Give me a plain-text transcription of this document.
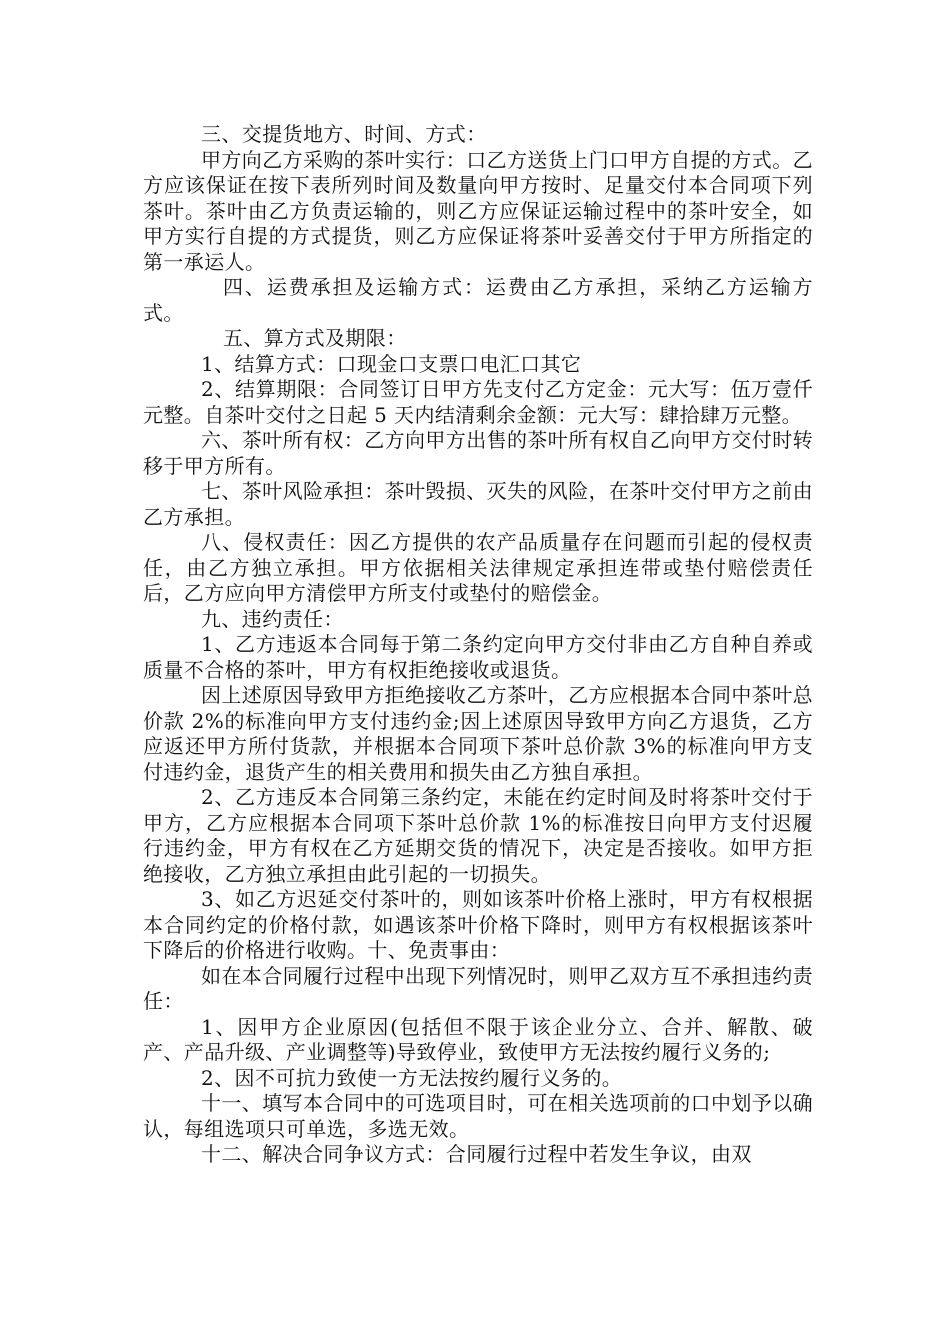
三、交提货地方、时间、方式：

甲方向乙方采购的茶叶实行：口乙方送货上门口甲方自提的方式。乙方应该保证在按下表所列时间及数量向甲方按时、足量交付本合同项下列茶叶。茶叶由乙方负责运输的，则乙方应保证运输过程中的茶叶安全，如甲方实行自提的方式提货，则乙方应保证将茶叶妥善交付于甲方所指定的第一承运人。

四、运费承担及运输方式：运费由乙方承担，采纳乙方运输方式。

五、算方式及期限：

1、结算方式：口现金口支票口电汇口其它

2、结算期限：合同签订日甲方先支付乙方定金：元大写：伍万壹仟元整。自茶叶交付之日起 5 天内结清剩余金额：元大写：肆拾肆万元整。

六、茶叶所有权：乙方向甲方出售的茶叶所有权自乙向甲方交付时转移于甲方所有。

七、茶叶风险承担：茶叶毁损、灭失的风险，在茶叶交付甲方之前由乙方承担。

八、侵权责任：因乙方提供的农产品质量存在问题而引起的侵权责任，由乙方独立承担。甲方依据相关法律规定承担连带或垫付赔偿责任后，乙方应向甲方清偿甲方所支付或垫付的赔偿金。

九、违约责任：

1、乙方违返本合同每于第二条约定向甲方交付非由乙方自种自养或质量不合格的茶叶，甲方有权拒绝接收或退货。

因上述原因导致甲方拒绝接收乙方茶叶，乙方应根据本合同中茶叶总价款 2%的标准向甲方支付违约金;因上述原因导致甲方向乙方退货，乙方应返还甲方所付货款，并根据本合同项下茶叶总价款 3%的标准向甲方支付违约金，退货产生的相关费用和损失由乙方独自承担。

2、乙方违反本合同第三条约定，未能在约定时间及时将茶叶交付于甲方，乙方应根据本合同项下茶叶总价款 1%的标准按日向甲方支付迟履行违约金，甲方有权在乙方延期交货的情况下，决定是否接收。如甲方拒绝接收，乙方独立承担由此引起的一切损失。

3、如乙方迟延交付茶叶的，则如该茶叶价格上涨时，甲方有权根据本合同约定的价格付款，如遇该茶叶价格下降时，则甲方有权根据该茶叶下降后的价格进行收购。十、免责事由：

如在本合同履行过程中出现下列情况时，则甲乙双方互不承担违约责任：

1、因甲方企业原因(包括但不限于该企业分立、合并、解散、破产、产品升级、产业调整等)导致停业，致使甲方无法按约履行义务的;

2、因不可抗力致使一方无法按约履行义务的。

十一、填写本合同中的可选项目时，可在相关选项前的口中划予以确认，每组选项只可单选，多选无效。

十二、解决合同争议方式：合同履行过程中若发生争议，由双
